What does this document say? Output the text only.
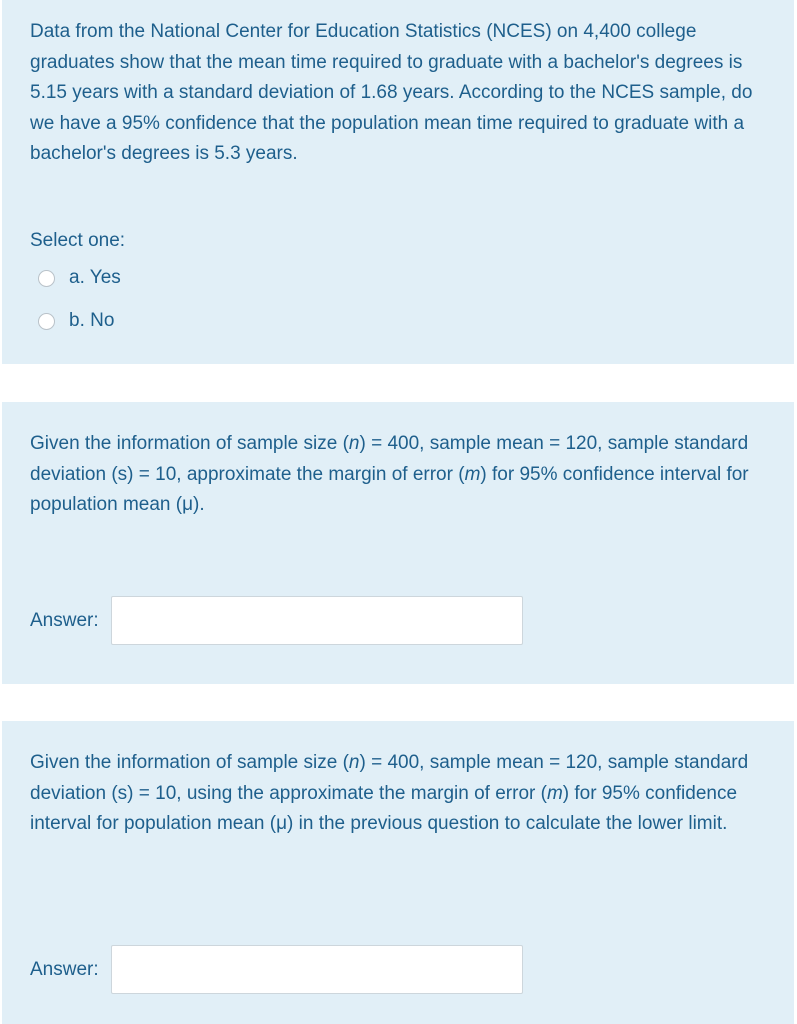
Data from the National Center for Education Statistics (NCES) on 4,400 college graduates show that the mean time required to graduate with a bachelor's degrees is 5.15 years with a standard deviation of 1.68 years. According to the NCES sample, do we have a 95% confidence that the population mean time required to graduate with a bachelor's degrees is 5.3 years.

Select one:
a. Yes
b. No

Given the information of sample size (n) = 400, sample mean = 120, sample standard deviation (s) = 10, approximate the margin of error (m) for 95% confidence interval for population mean (μ).

Answer:

Given the information of sample size (n) = 400, sample mean = 120, sample standard deviation (s) = 10, using the approximate the margin of error (m) for 95% confidence interval for population mean (μ) in the previous question to calculate the lower limit.

Answer:
